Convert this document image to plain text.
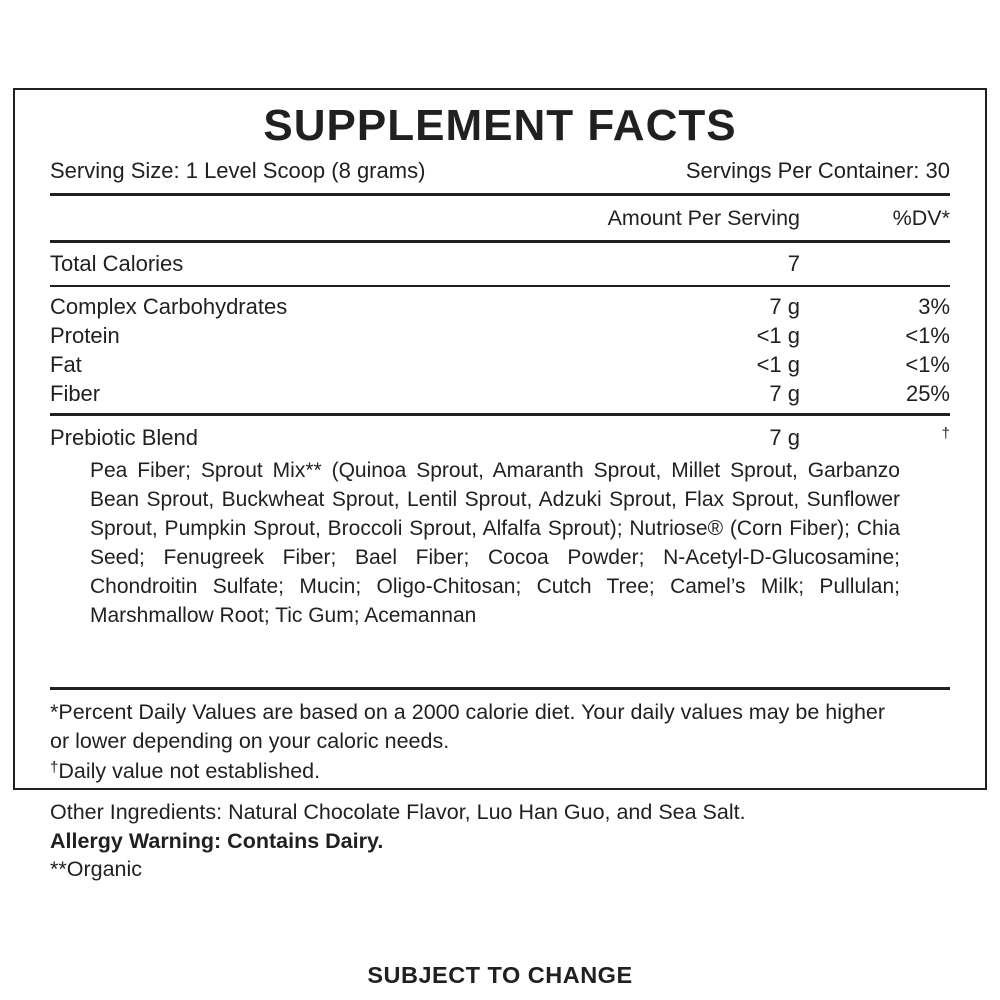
SUPPLEMENT FACTS
Serving Size: 1 Level Scoop (8 grams)	Servings Per Container: 30
Amount Per Serving	%DV*
Total Calories	7
Complex Carbohydrates	7 g	3%
Protein	<1 g	<1%
Fat	<1 g	<1%
Fiber	7 g	25%
Prebiotic Blend	7 g	†
Pea Fiber; Sprout Mix** (Quinoa Sprout, Amaranth Sprout, Millet Sprout, Garbanzo Bean Sprout, Buckwheat Sprout, Lentil Sprout, Adzuki Sprout, Flax Sprout, Sunflower Sprout, Pumpkin Sprout, Broccoli Sprout, Alfalfa Sprout); Nutriose® (Corn Fiber); Chia Seed; Fenugreek Fiber; Bael Fiber; Cocoa Powder; N-Acetyl-D-Glucosamine; Chondroitin Sulfate; Mucin; Oligo-Chitosan; Cutch Tree; Camel’s Milk; Pullulan; Marshmallow Root; Tic Gum; Acemannan
*Percent Daily Values are based on a 2000 calorie diet. Your daily values may be higher or lower depending on your caloric needs.
†Daily value not established.
Other Ingredients: Natural Chocolate Flavor, Luo Han Guo, and Sea Salt.
Allergy Warning: Contains Dairy.
**Organic
SUBJECT TO CHANGE
